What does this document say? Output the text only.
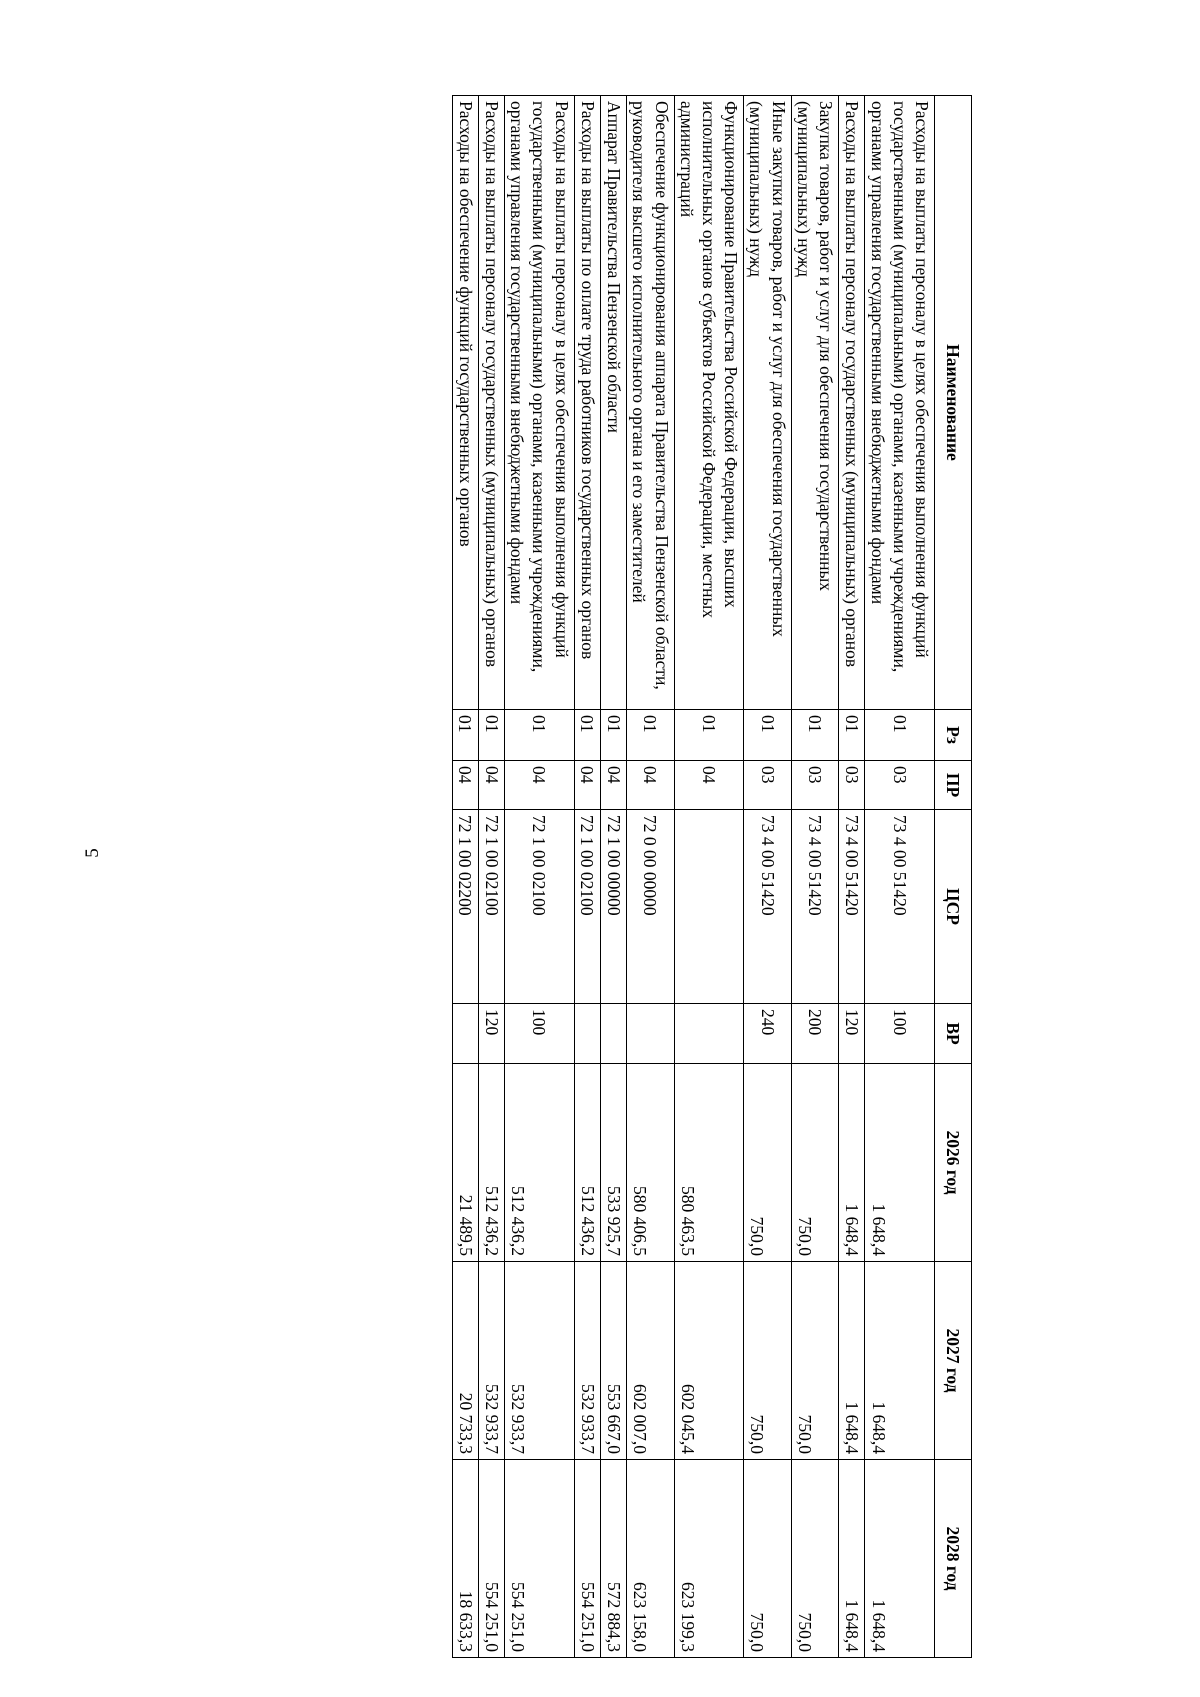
5
Наименование	Рз	ПР	ЦСР	ВР	2026 год	2027 год	2028 год
Расходы на выплаты персоналу в целях обеспечения выполнения функций государственными (муниципальными) органами, казенными учреждениями, органами управления государственными внебюджетными фондами	01	03	73 4 00 51420	100	1 648,4	1 648,4	1 648,4
Расходы на выплаты персоналу государственных (муниципальных) органов	01	03	73 4 00 51420	120	1 648,4	1 648,4	1 648,4
Закупка товаров, работ и услуг для обеспечения государственных (муниципальных) нужд	01	03	73 4 00 51420	200	750,0	750,0	750,0
Иные закупки товаров, работ и услуг для обеспечения государственных (муниципальных) нужд	01	03	73 4 00 51420	240	750,0	750,0	750,0
Функционирование Правительства Российской Федерации, высших исполнительных органов субъектов Российской Федерации, местных администраций	01	04			580 463,5	602 045,4	623 199,3
Обеспечение функционирования аппарата Правительства Пензенской области, руководителя высшего исполнительного органа и его заместителей	01	04	72 0 00 00000		580 406,5	602 007,0	623 158,0
Аппарат Правительства Пензенской области	01	04	72 1 00 00000		533 925,7	553 667,0	572 884,3
Расходы на выплаты по оплате труда работников государственных органов	01	04	72 1 00 02100		512 436,2	532 933,7	554 251,0
Расходы на выплаты персоналу в целях обеспечения выполнения функций государственными (муниципальными) органами, казенными учреждениями, органами управления государственными внебюджетными фондами	01	04	72 1 00 02100	100	512 436,2	532 933,7	554 251,0
Расходы на выплаты персоналу государственных (муниципальных) органов	01	04	72 1 00 02100	120	512 436,2	532 933,7	554 251,0
Расходы на обеспечение функций государственных органов	01	04	72 1 00 02200		21 489,5	20 733,3	18 633,3
